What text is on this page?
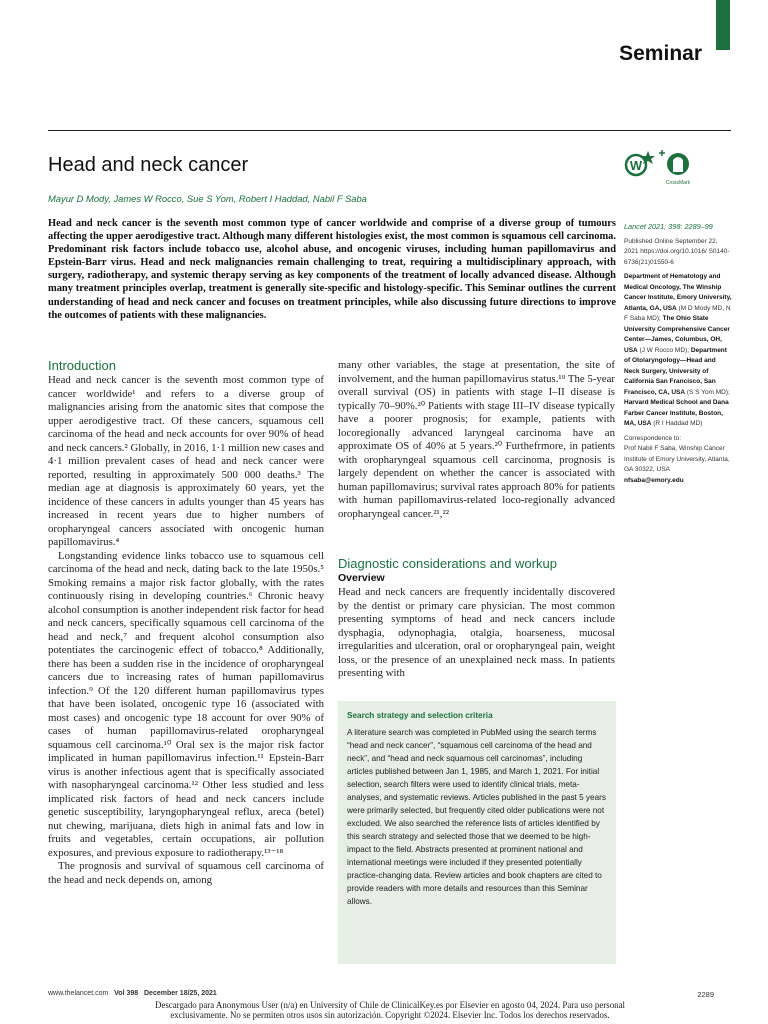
Seminar
Head and neck cancer
Mayur D Mody, James W Rocco, Sue S Yom, Robert I Haddad, Nabil F Saba
W
CrossMark

Head and neck cancer is the seventh most common type of cancer worldwide and comprise of a diverse group of tumours affecting the upper aerodigestive tract. Although many different histologies exist, the most common is squamous cell carcinoma. Predominant risk factors include tobacco use, alcohol abuse, and oncogenic viruses, including human papillomavirus and Epstein-Barr virus. Head and neck malignancies remain challenging to treat, requiring a multidisciplinary approach, with surgery, radiotherapy, and systemic therapy serving as key components of the treatment of locally advanced disease. Although many treatment principles overlap, treatment is generally site-specific and histology-specific. This Seminar outlines the current understanding of head and neck cancer and focuses on treatment principles, while also discussing future directions to improve the outcomes of patients with these malignancies.

Introduction

Head and neck cancer is the seventh most common type of cancer worldwide¹ and refers to a diverse group of malignancies arising from the anatomic sites that compose the upper aerodigestive tract. Of these cancers, squamous cell carcinoma of the head and neck accounts for over 90% of head and neck cancers.² Globally, in 2016, 1·1 million new cases and 4·1 million prevalent cases of head and neck cancer were reported, resulting in approximately 500 000 deaths.³ The median age at diagnosis is approximately 60 years, yet the incidence of these cancers in adults younger than 45 years has increased in recent years due to higher numbers of oropharyngeal cancers associated with oncogenic human papillomavirus.⁴

Longstanding evidence links tobacco use to squamous cell carcinoma of the head and neck, dating back to the late 1950s.⁵ Smoking remains a major risk factor globally, with the rates continuously rising in developing countries.⁶ Chronic heavy alcohol consumption is another independent risk factor for head and neck cancers, specifically squamous cell carcinoma of the head and neck,⁷ and frequent alcohol consumption also potentiates the carcinogenic effect of tobacco.⁸ Additionally, there has been a sudden rise in the incidence of oropharyngeal cancers due to increasing rates of human papillomavirus infection.⁹ Of the 120 different human papillomavirus types that have been isolated, oncogenic type 16 (associated with most cases) and oncogenic type 18 account for over 90% of cases of human papillomavirus-related oropharyngeal squamous cell carcinoma.¹⁰ Oral sex is the major risk factor implicated in human papillomavirus infection.¹¹ Epstein-Barr virus is another infectious agent that is specifically associated with nasopharyngeal carcinoma.¹² Other less studied and less implicated risk factors of head and neck cancers include genetic susceptibility, laryngopharyngeal reflux, areca (betel) nut chewing, marijuana, diets high in animal fats and low in fruits and vegetables, certain occupations, air pollution exposures, and previous exposure to radiotherapy.¹³⁻¹⁸

The prognosis and survival of squamous cell carcinoma of the head and neck depends on, among

many other variables, the stage at presentation, the site of involvement, and the human papillomavirus status.¹⁹ The 5-year overall survival (OS) in patients with stage I–II disease is typically 70–90%.²⁰ Patients with stage III–IV disease typically have a poorer prognosis; for example, patients with locoregionally advanced laryngeal carcinoma have an approximate OS of 40% at 5 years.²⁰ Furthefrmore, in patients with oropharyngeal squamous cell carcinoma, prognosis is largely dependent on whether the cancer is associated with human papillomavirus; survival rates approach 80% for patients with human papillomavirus-related loco-regionally advanced oropharyngeal cancer.²¹,²²

Diagnostic considerations and workup
Overview

Head and neck cancers are frequently incidentally discovered by the dentist or primary care physician. The most common presenting symptoms of head and neck cancers include dysphagia, odynophagia, otalgia, hoarseness, mucosal irregularities and ulceration, oral or oropharyngeal pain, weight loss, or the presence of an unexplained neck mass. In patients presenting with

Search strategy and selection criteria

A literature search was completed in PubMed using the search terms “head and neck cancer”, “squamous cell carcinoma of the head and neck”, and “head and neck squamous cell carcinomas”, including articles published between Jan 1, 1985, and March 1, 2021. For initial selection, search filters were used to identify clinical trials, meta-analyses, and systematic reviews. Articles published in the past 5 years were primarily selected, but frequently cited older publications were not excluded. We also searched the reference lists of articles identified by this search strategy and selected those that we deemed to be high-impact to the field. Abstracts presented at prominent national and international meetings were included if they presented potentially practice-changing data. Review articles and book chapters are cited to provide readers with more details and resources than this Seminar allows.

Lancet 2021; 398: 2289–99

Published Online September 22, 2021 https://doi.org/10.1016/ S0140-6736(21)01550-6

Department of Hematology and Medical Oncology, The Winship Cancer Institute, Emory University, Atlanta, GA, USA (M D Mody MD, N F Saba MD); The Ohio State University Comprehensive Cancer Center—James, Columbus, OH, USA (J W Rocco MD); Department of Otolaryngology—Head and Neck Surgery, University of California San Francisco, San Francisco, CA, USA (S S Yom MD); Harvard Medical School and Dana Farber Cancer Institute, Boston, MA, USA (R I Haddad MD)

Correspondence to:
Prof Nabil F Saba, Winship Cancer Institute of Emory University, Atlanta, GA 30322, USA
nfsaba@emory.edu

www.thelancet.com Vol 398 December 18/25, 2021	2289

Descargado para Anonymous User (n/a) en University of Chile de ClinicalKey.es por Elsevier en agosto 04, 2024. Para uso personal
exclusivamente. No se permiten otros usos sin autorización. Copyright ©2024. Elsevier Inc. Todos los derechos reservados.
